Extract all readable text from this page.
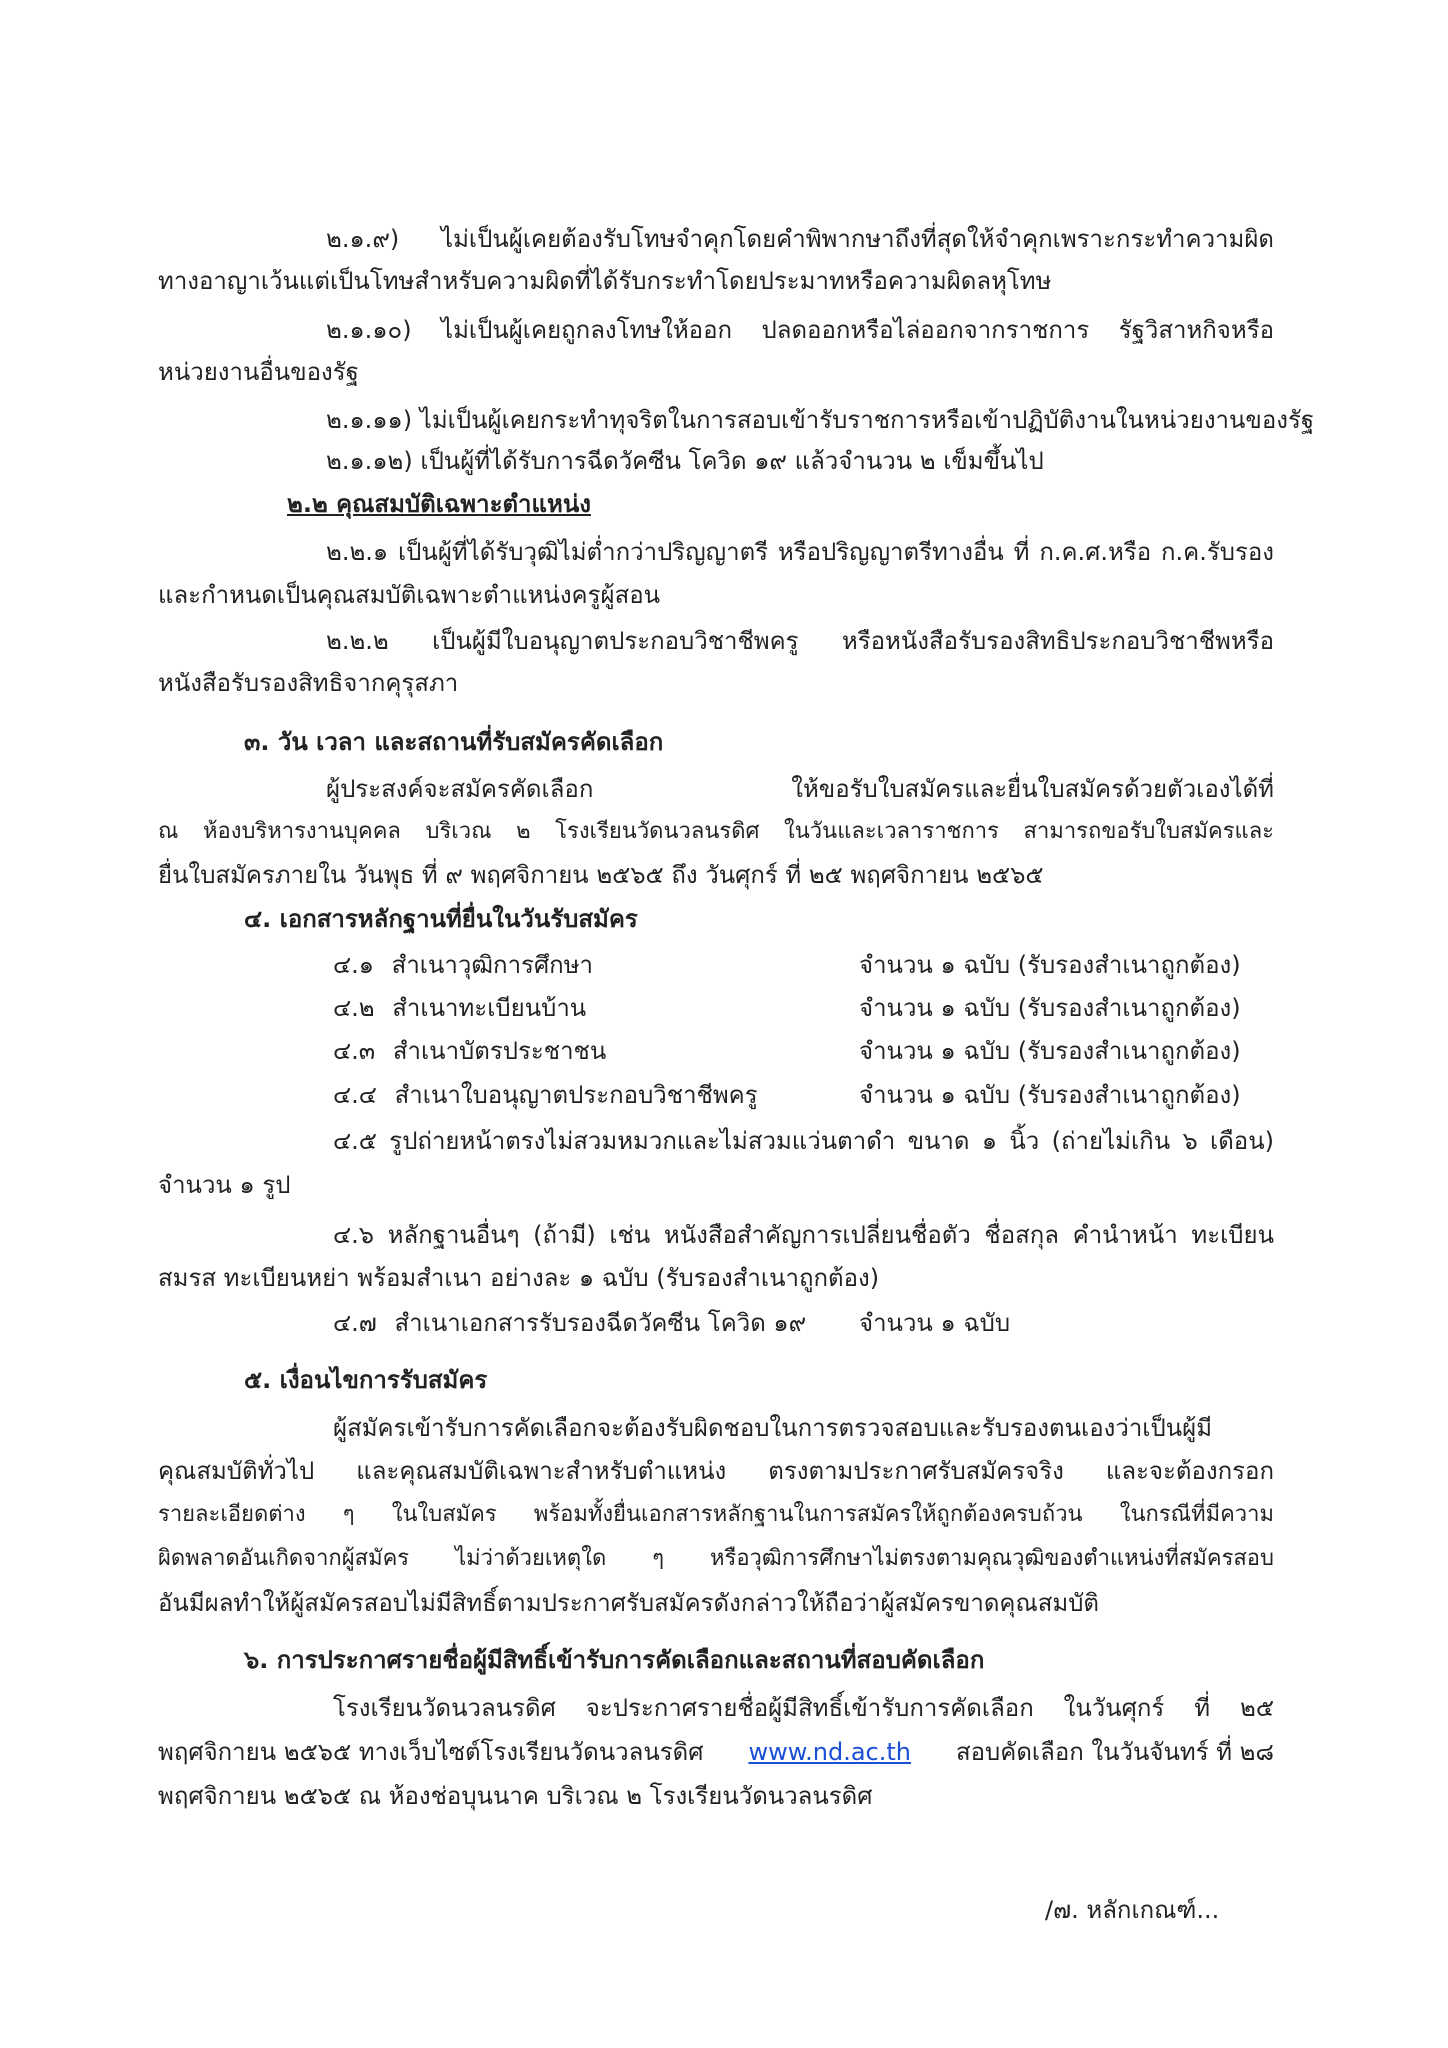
๒.๑.๙) ไม่เป็นผู้เคยต้องรับโทษจำคุกโดยคำพิพากษาถึงที่สุดให้จำคุกเพราะกระทำความผิด
ทางอาญาเว้นแต่เป็นโทษสำหรับความผิดที่ได้รับกระทำโดยประมาทหรือความผิดลหุโทษ
๒.๑.๑๐) ไม่เป็นผู้เคยถูกลงโทษให้ออก ปลดออกหรือไล่ออกจากราชการ รัฐวิสาหกิจหรือ
หน่วยงานอื่นของรัฐ
๒.๑.๑๑) ไม่เป็นผู้เคยกระทำทุจริตในการสอบเข้ารับราชการหรือเข้าปฏิบัติงานในหน่วยงานของรัฐ
๒.๑.๑๒) เป็นผู้ที่ได้รับการฉีดวัคซีน โควิด ๑๙ แล้วจำนวน ๒ เข็มขึ้นไป
๒.๒ คุณสมบัติเฉพาะตำแหน่ง
๒.๒.๑ เป็นผู้ที่ได้รับวุฒิไม่ต่ำกว่าปริญญาตรี หรือปริญญาตรีทางอื่น ที่ ก.ค.ศ.หรือ ก.ค.รับรอง
และกำหนดเป็นคุณสมบัติเฉพาะตำแหน่งครูผู้สอน
๒.๒.๒ เป็นผู้มีใบอนุญาตประกอบวิชาชีพครู หรือหนังสือรับรองสิทธิประกอบวิชาชีพหรือ
หนังสือรับรองสิทธิจากคุรุสภา
๓. วัน เวลา และสถานที่รับสมัครคัดเลือก
ผู้ประสงค์จะสมัครคัดเลือก ให้ขอรับใบสมัครและยื่นใบสมัครด้วยตัวเองได้ที่
ณ ห้องบริหารงานบุคคล บริเวณ ๒ โรงเรียนวัดนวลนรดิศ ในวันและเวลาราชการ สามารถขอรับใบสมัครและ
ยื่นใบสมัครภายใน วันพุธ ที่ ๙ พฤศจิกายน ๒๕๖๕ ถึง วันศุกร์ ที่ ๒๕ พฤศจิกายน ๒๕๖๕
๔. เอกสารหลักฐานที่ยื่นในวันรับสมัคร
๔.๑ สำเนาวุฒิการศึกษา	จำนวน ๑ ฉบับ (รับรองสำเนาถูกต้อง)
๔.๒ สำเนาทะเบียนบ้าน	จำนวน ๑ ฉบับ (รับรองสำเนาถูกต้อง)
๔.๓ สำเนาบัตรประชาชน	จำนวน ๑ ฉบับ (รับรองสำเนาถูกต้อง)
๔.๔ สำเนาใบอนุญาตประกอบวิชาชีพครู	จำนวน ๑ ฉบับ (รับรองสำเนาถูกต้อง)
๔.๕ รูปถ่ายหน้าตรงไม่สวมหมวกและไม่สวมแว่นตาดำ ขนาด ๑ นิ้ว (ถ่ายไม่เกิน ๖ เดือน)
จำนวน ๑ รูป
๔.๖ หลักฐานอื่นๆ (ถ้ามี) เช่น หนังสือสำคัญการเปลี่ยนชื่อตัว ชื่อสกุล คำนำหน้า ทะเบียน
สมรส ทะเบียนหย่า พร้อมสำเนา อย่างละ ๑ ฉบับ (รับรองสำเนาถูกต้อง)
๔.๗ สำเนาเอกสารรับรองฉีดวัคซีน โควิด ๑๙ จำนวน ๑ ฉบับ
๕. เงื่อนไขการรับสมัคร
ผู้สมัครเข้ารับการคัดเลือกจะต้องรับผิดชอบในการตรวจสอบและรับรองตนเองว่าเป็นผู้มี
คุณสมบัติทั่วไป และคุณสมบัติเฉพาะสำหรับตำแหน่ง ตรงตามประกาศรับสมัครจริง และจะต้องกรอก
รายละเอียดต่าง ๆ ในใบสมัคร พร้อมทั้งยื่นเอกสารหลักฐานในการสมัครให้ถูกต้องครบถ้วน ในกรณีที่มีความ
ผิดพลาดอันเกิดจากผู้สมัคร ไม่ว่าด้วยเหตุใด ๆ หรือวุฒิการศึกษาไม่ตรงตามคุณวุฒิของตำแหน่งที่สมัครสอบ
อันมีผลทำให้ผู้สมัครสอบไม่มีสิทธิ์ตามประกาศรับสมัครดังกล่าวให้ถือว่าผู้สมัครขาดคุณสมบัติ
๖. การประกาศรายชื่อผู้มีสิทธิ์เข้ารับการคัดเลือกและสถานที่สอบคัดเลือก
โรงเรียนวัดนวลนรดิศ จะประกาศรายชื่อผู้มีสิทธิ์เข้ารับการคัดเลือก ในวันศุกร์ ที่ ๒๕
พฤศจิกายน ๒๕๖๕ ทางเว็บไซต์โรงเรียนวัดนวลนรดิศ www.nd.ac.th สอบคัดเลือก ในวันจันทร์ ที่ ๒๘
พฤศจิกายน ๒๕๖๕ ณ ห้องช่อบุนนาค บริเวณ ๒ โรงเรียนวัดนวลนรดิศ
/๗. หลักเกณฑ์...
